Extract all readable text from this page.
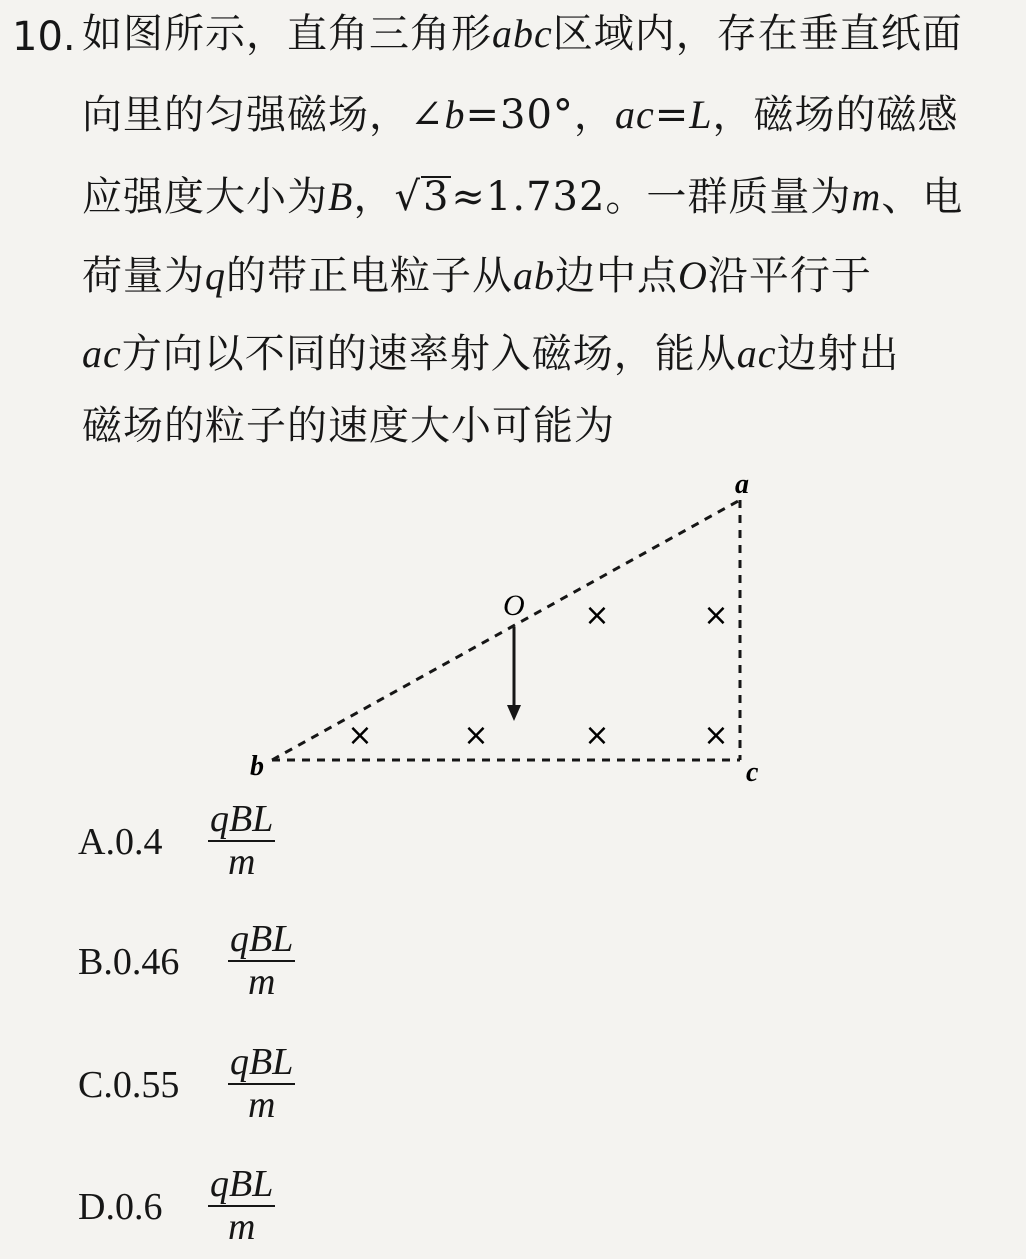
10. 如图所示，直角三角形abc区域内，存在垂直纸面
向里的匀强磁场，∠b=30°，ac=L，磁场的磁感
应强度大小为B，√3≈1.732。一群质量为m、电
荷量为q的带正电粒子从ab边中点O沿平行于
ac方向以不同的速率射入磁场，能从ac边射出
磁场的粒子的速度大小可能为
O
a
b	c
×	×
×	×	×	×
A.0.4
qBL
m
B.0.46
qBL
m
C.0.55
qBL
m
D.0.6
qBL
m
